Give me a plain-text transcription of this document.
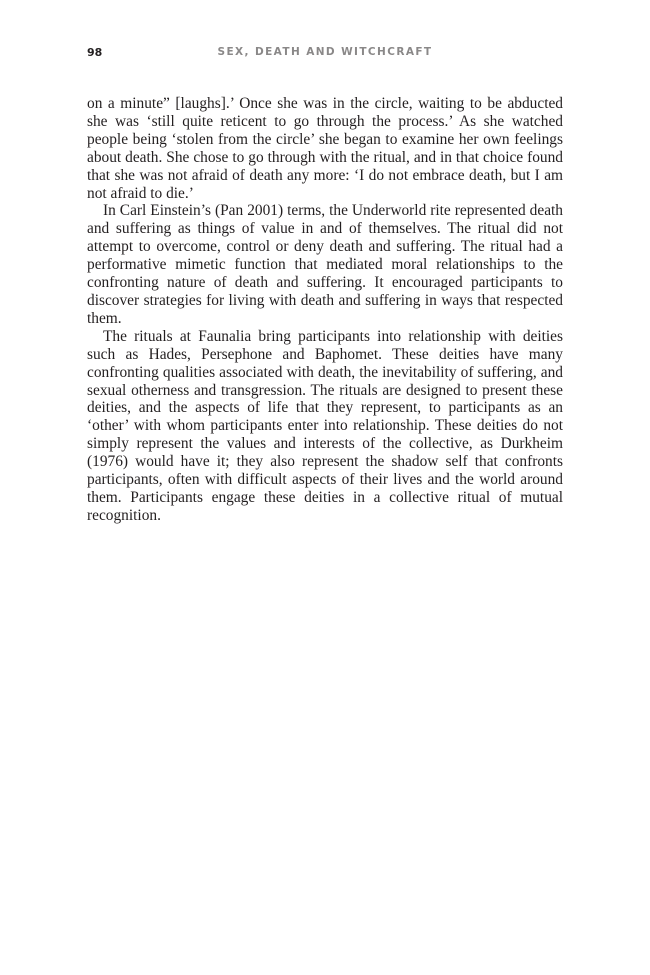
98	SEX, DEATH AND WITCHCRAFT

on a minute” [laughs].’ Once she was in the circle, waiting to be abducted she was ‘still quite reticent to go through the process.’ As she watched people being ‘stolen from the circle’ she began to examine her own feelings about death. She chose to go through with the ritual, and in that choice found that she was not afraid of death any more: ‘I do not embrace death, but I am not afraid to die.’

In Carl Einstein’s (Pan 2001) terms, the Underworld rite represented death and suffering as things of value in and of themselves. The ritual did not attempt to overcome, control or deny death and suffering. The ritual had a performative mimetic function that mediated moral relationships to the confronting nature of death and suffering. It encouraged participants to discover strategies for living with death and suffering in ways that respected them.

The rituals at Faunalia bring participants into relationship with deities such as Hades, Persephone and Baphomet. These deities have many confronting qualities associated with death, the inevitability of suffering, and sexual otherness and transgression. The rituals are designed to present these deities, and the aspects of life that they represent, to participants as an ‘other’ with whom participants enter into relationship. These deities do not simply represent the values and interests of the collective, as Durkheim (1976) would have it; they also represent the shadow self that confronts participants, often with difficult aspects of their lives and the world around them. Participants engage these deities in a collective ritual of mutual recognition.
